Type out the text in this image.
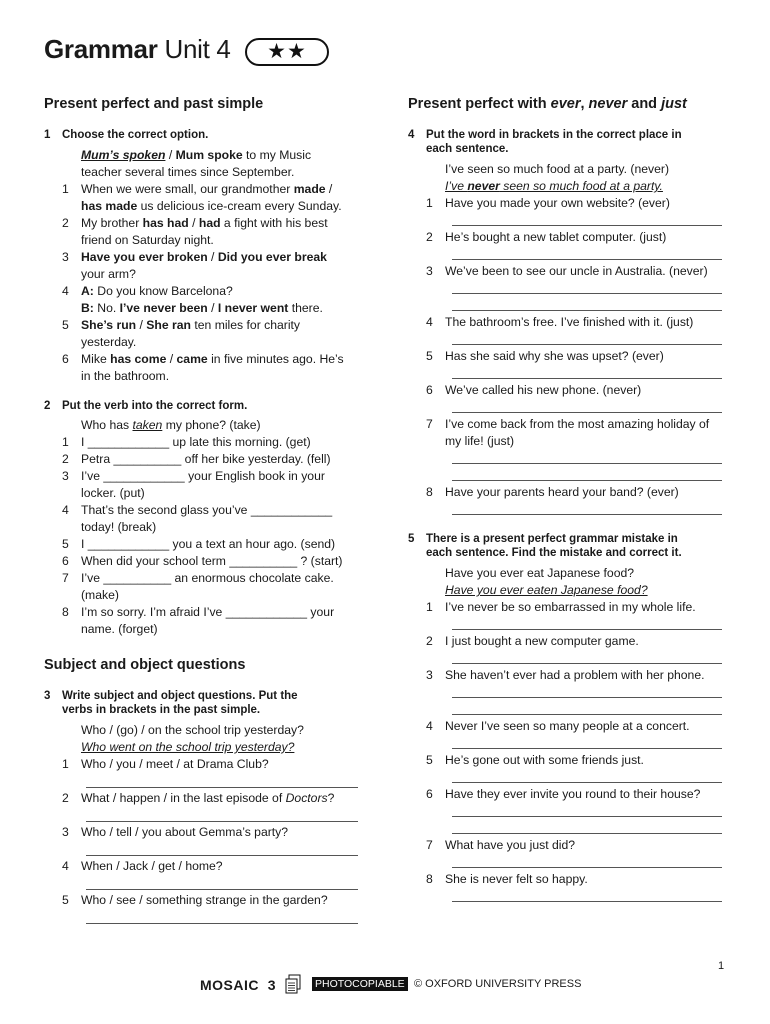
Grammar Unit 4	★★
Present perfect and past simple
1 Choose the correct option.
Mum’s spoken / Mum spoke to my Music
teacher several times since September.
1 When we were small, our grandmother made /
has made us delicious ice-cream every Sunday.
2 My brother has had / had a fight with his best
friend on Saturday night.
3 Have you ever broken / Did you ever break
your arm?
4 A: Do you know Barcelona?
B: No. I’ve never been / I never went there.
5 She’s run / She ran ten miles for charity
yesterday.
6 Mike has come / came in five minutes ago. He’s
in the bathroom.
2 Put the verb into the correct form.
Who has taken my phone? (take)
1 I ____________ up late this morning. (get)
2 Petra __________ off her bike yesterday. (fell)
3 I’ve ____________ your English book in your
locker. (put)
4 That’s the second glass you’ve ____________
today! (break)
5 I ____________ you a text an hour ago. (send)
6 When did your school term __________ ? (start)
7 I’ve __________ an enormous chocolate cake.
(make)
8 I’m so sorry. I’m afraid I’ve ____________ your
name. (forget)
Subject and object questions
3 Write subject and object questions. Put the
verbs in brackets in the past simple.
Who / (go) / on the school trip yesterday?
Who went on the school trip yesterday?
1 Who / you / meet / at Drama Club?
2 What / happen / in the last episode of Doctors?
3 Who / tell / you about Gemma’s party?
4 When / Jack / get / home?
5 Who / see / something strange in the garden?
Present perfect with ever, never and just
4 Put the word in brackets in the correct place in
each sentence.
I’ve seen so much food at a party. (never)
I’ve never seen so much food at a party.
1 Have you made your own website? (ever)
2 He’s bought a new tablet computer. (just)
3 We’ve been to see our uncle in Australia. (never)
4 The bathroom’s free. I’ve finished with it. (just)
5 Has she said why she was upset? (ever)
6 We’ve called his new phone. (never)
7 I’ve come back from the most amazing holiday of
my life! (just)
8 Have your parents heard your band? (ever)
5 There is a present perfect grammar mistake in
each sentence. Find the mistake and correct it.
Have you ever eat Japanese food?
Have you ever eaten Japanese food?
1 I’ve never be so embarrassed in my whole life.
2 I just bought a new computer game.
3 She haven’t ever had a problem with her phone.
4 Never I’ve seen so many people at a concert.
5 He’s gone out with some friends just.
6 Have they ever invite you round to their house?
7 What have you just did?
8 She is never felt so happy.
1
MOSAIC 3	PHOTOCOPIABLE © OXFORD UNIVERSITY PRESS
